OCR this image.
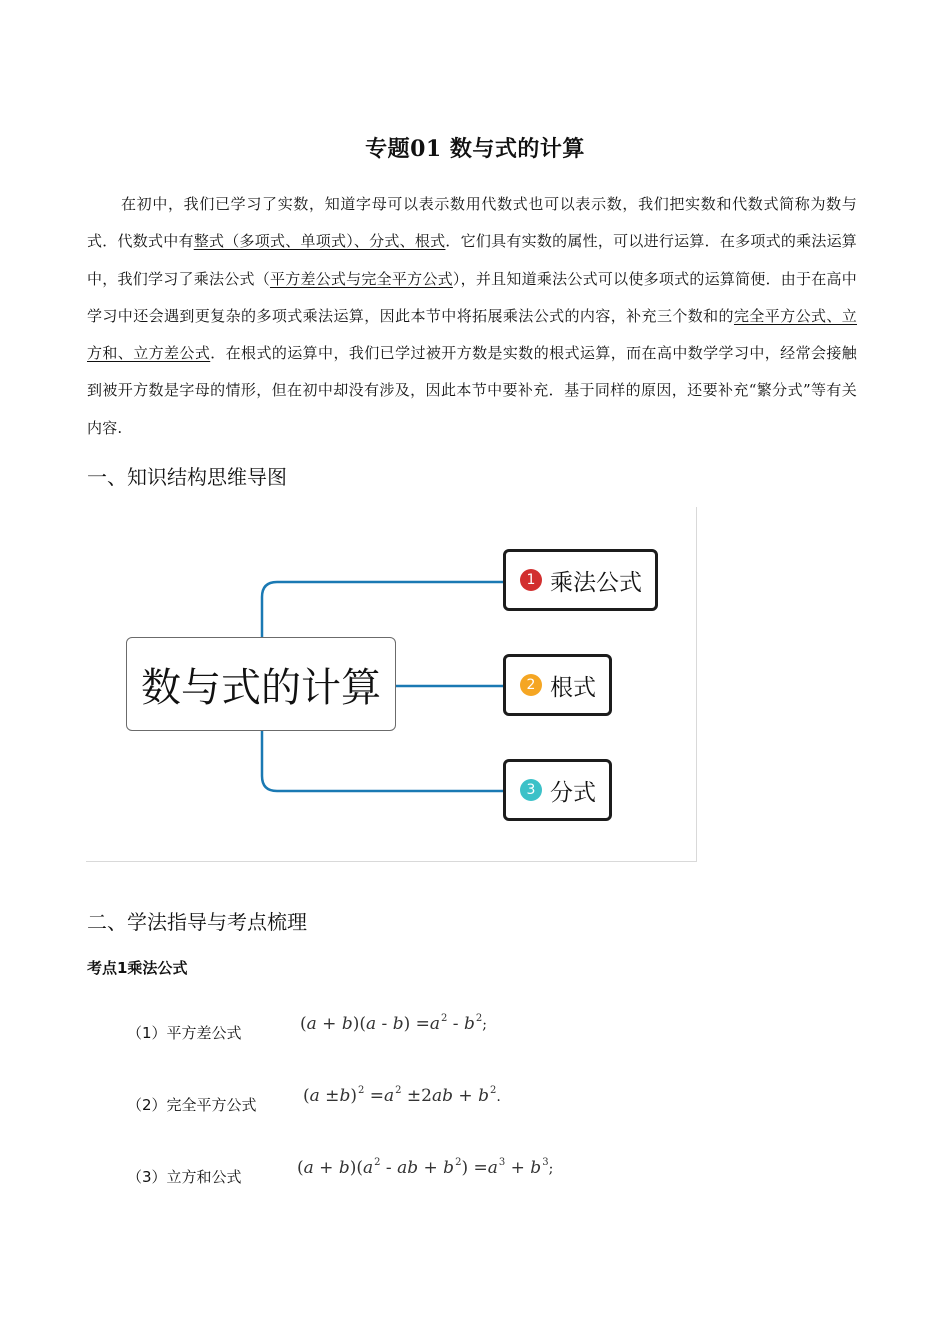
专题01 数与式的计算

在初中，我们已学习了实数，知道字母可以表示数用代数式也可以表示数，我们把实数和代数式简称为数与式．代数式中有整式（多项式、单项式）、分式、根式．它们具有实数的属性，可以进行运算．在多项式的乘法运算中，我们学习了乘法公式（平方差公式与完全平方公式），并且知道乘法公式可以使多项式的运算简便．由于在高中学习中还会遇到更复杂的多项式乘法运算，因此本节中将拓展乘法公式的内容，补充三个数和的完全平方公式、立方和、立方差公式．在根式的运算中，我们已学过被开方数是实数的根式运算，而在高中数学学习中，经常会接触到被开方数是字母的情形，但在初中却没有涉及，因此本节中要补充．基于同样的原因，还要补充“繁分式”等有关内容.

一、知识结构思维导图
数与式的计算
1 乘法公式
2 根式
3 分式
二、学法指导与考点梳理
考点1乘法公式
（1）平方差公式	$(a + b)(a - b) =a^2 - b^2$;
（2）完全平方公式	$(a \pm b)^2 =a^2 \pm 2ab + b^2$.
（3）立方和公式	$(a + b)(a^2$ - ab + $b^2) =a^3 + b^3$;
